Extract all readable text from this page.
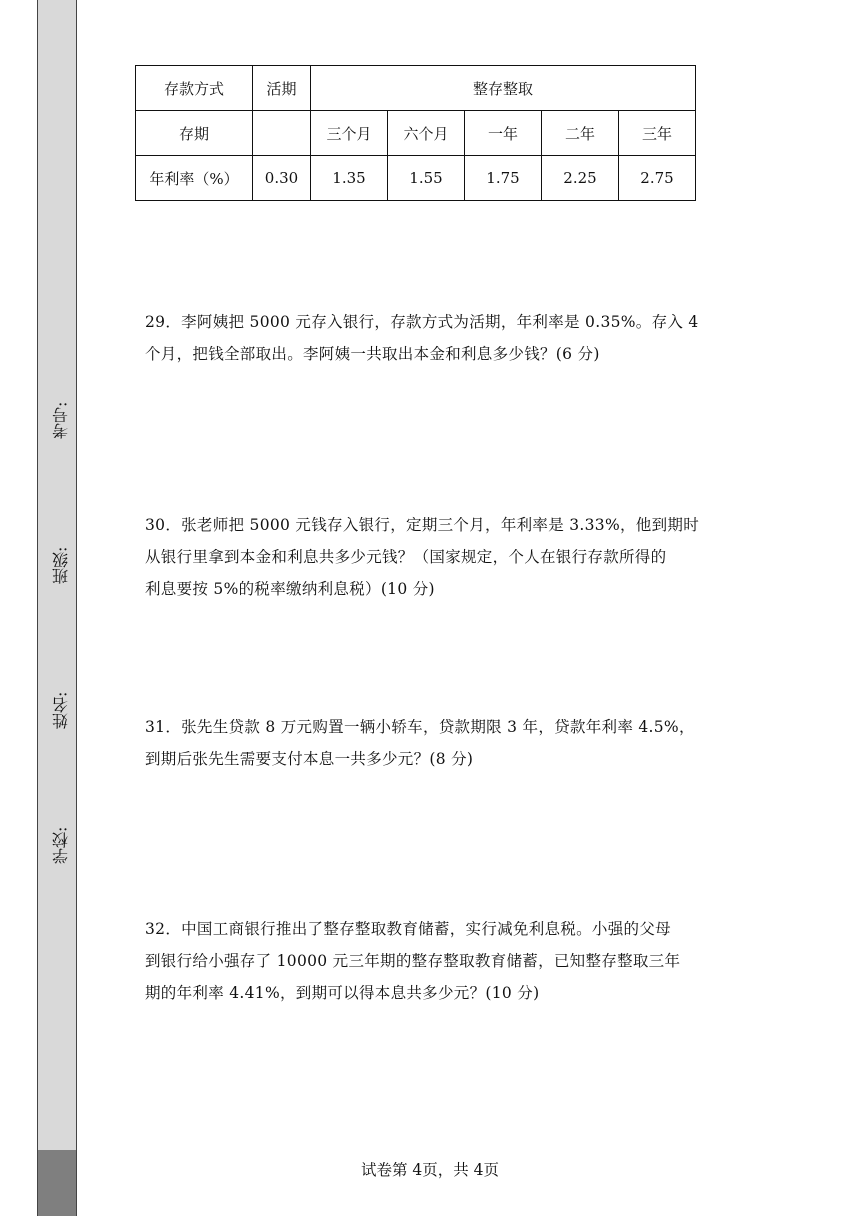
考号:
班级:
姓名:
学校:
存款方式	活期	整存整取				
存期		三个月	六个月	一年	二年	三年
年利率（%）	0.30	1.35	1.55	1.75	2.25	2.75
29．李阿姨把 5000 元存入银行，存款方式为活期，年利率是 0.35%。存入 4
个月，把钱全部取出。李阿姨一共取出本金和利息多少钱？(6 分)
30．张老师把 5000 元钱存入银行，定期三个月，年利率是 3.33%，他到期时
从银行里拿到本金和利息共多少元钱？（国家规定，个人在银行存款所得的
利息要按 5%的税率缴纳利息税）(10 分)
31．张先生贷款 8 万元购置一辆小轿车，贷款期限 3 年，贷款年利率 4.5%，
到期后张先生需要支付本息一共多少元？(8 分)
32．中国工商银行推出了整存整取教育储蓄，实行减免利息税。小强的父母
到银行给小强存了 10000 元三年期的整存整取教育储蓄，已知整存整取三年
期的年利率 4.41%，到期可以得本息共多少元？(10 分)
试卷第 4页，共 4页
